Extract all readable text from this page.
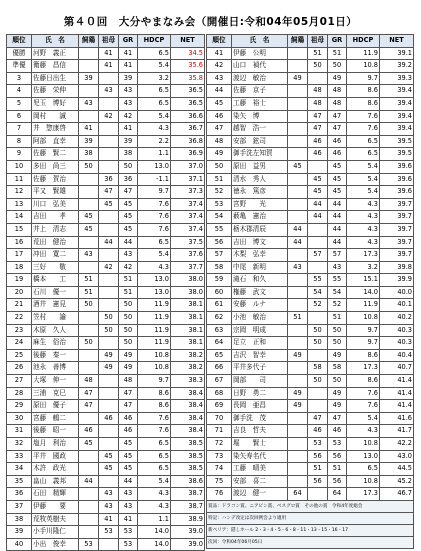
第４０回　大分やまなみ会（開催日:令和04年05月01日）
順位	氏　名	飼鶏	祖母	GR	HDCP	NET
優勝	河野　義正		41	41	6.5	34.5
準優	衛藤　昌信		41	41	5.4	35.6
3	佐藤日出生	39		39	3.2	35.8
4	佐藤　栄伸		43	43	6.5	36.5
5	児玉　博好	43		43	6.5	36.5
6	岡村　　誠		42	42	5.4	36.6
7	井　惣康啓	41		41	4.3	36.7
8	阿部　直幸	39		39	2.2	36.8
9	佐藤　賢二	38		38	1.1	36.9
10	多田　尚三	50		50	13.0	37.0
11	佐藤　賀治		36	36	-1.1	37.1
12	平又　賢雄		47	47	9.7	37.3
13	川口　弘美		45	45	7.6	37.4
14	吉田　　孝	45		45	7.6	37.4
15	井上　清志	45		45	7.6	37.4
16	荒田　健治		44	44	6.5	37.5
17	冲田　寛二	43		43	5.4	37.6
18	三好　　敬		42	42	4.3	37.7
19	橋本　　工	51		51	13.0	38.0
20	石川　優一	51		51	13.0	38.0
21	酒井　憲見	50		50	11.9	38.1
22	笠村　　諭		50	50	11.9	38.1
23	木原　久人		50	50	11.9	38.1
24	麻生　俗治	50		50	11.9	38.1
25	後藤　秦一		49	49	10.8	38.2
26	池永　善博		49	49	10.8	38.2
27	大塚　伸一	48		48	9.7	38.3
28	三浦　克巳	47		47	8.6	38.4
29	原田　優子	47		47	8.6	38.4
30	宮藤　鶴二		46	46	7.6	38.4
31	後藤　昭一	46		46	7.6	38.4
32	塩月　利治	45		45	6.5	38.5
33	平井　國政		45	45	6.5	38.5
34	木許　政光		45	45	6.5	38.5
35	畠山　義邦	44		44	5.4	38.6
36	石田　精輝		43	43	4.3	38.7
37	伊藤　　要		43	43	4.3	38.7
38	荒牧英樹夫		41	41	1.1	38.9
39	小手川隆仁		53	53	14.0	39.0
40	小出　俊幸	53		53	14.0	39.0
順位	氏　名	飼鶏	祖母	GR	HDCP	NET
41	伊藤　公明		51	51	11.9	39.1
42	山口　禎代		50	50	10.8	39.2
43	渡辺　敏治	49		49	9.7	39.3
44	佐藤　京子		48	48	8.6	39.4
45	工藤　裕士		48	48	8.6	39.4
46	染矢　博		47	47	7.6	39.4
47	越智　浩一		47	47	7.6	39.4
48	安部　鉉司		46	46	6.5	39.5
49	御手洗左知賀		46	46	6.5	39.5
50	原田　益男	45		45	5.4	39.6
51	清水　秀人		45	45	5.4	39.6
52	徳永　篤彦		45	45	5.4	39.6
53	宮野　　光		44	44	4.3	39.7
54	薮亀　憲治		44	44	4.3	39.7
55	栃木郡清辰	44		44	4.3	39.7
56	吉田　博文	44		44	4.3	39.7
57	木梨　弘幸		57	57	17.3	39.7
58	中尾　新明	43		43	3.2	39.8
59	滝石　和久		55	55	15.1	39.9
60	権藤　武文		54	54	14.0	40.0
61	安藤　ルナ		52	52	11.9	40.1
62	小池　敏治	51		51	10.8	40.2
63	宗岡　明成		50	50	9.7	40.3
64	足立　正和		50	50	9.7	40.3
65	吉沢　智幸	49		49	8.6	40.4
66	平井多代子		58	58	17.3	40.7
67	岡部　　司		50	50	8.6	41.4
68	日野　勇二	49		49	7.6	41.4
69	長岡　亜昌	49		49	7.6	41.4
70	御手洗　茂		47	47	5.4	41.6
71	吉良　哲夫		46	46	4.3	41.7
72	堀　　賢士		53	53	10.8	42.2
73	染矢寿名代		56	56	13.0	43.0
74	工藤　晴美		51	51	6.5	44.5
75	安部　喜二		56	56	10.8	45.2
76	渡辺　健一	64		64	17.3	46.7
賞品：ドラコン賞、ニアピン賞、ベスグロ賞　その他の賞　令和4年度総会						
特記：ハンデ改定は次回例会より適用						
新ペリア：隠しホール 2・3・4・5・6・8・11・13・15・16・17						
次回：令和04年06月05日						
